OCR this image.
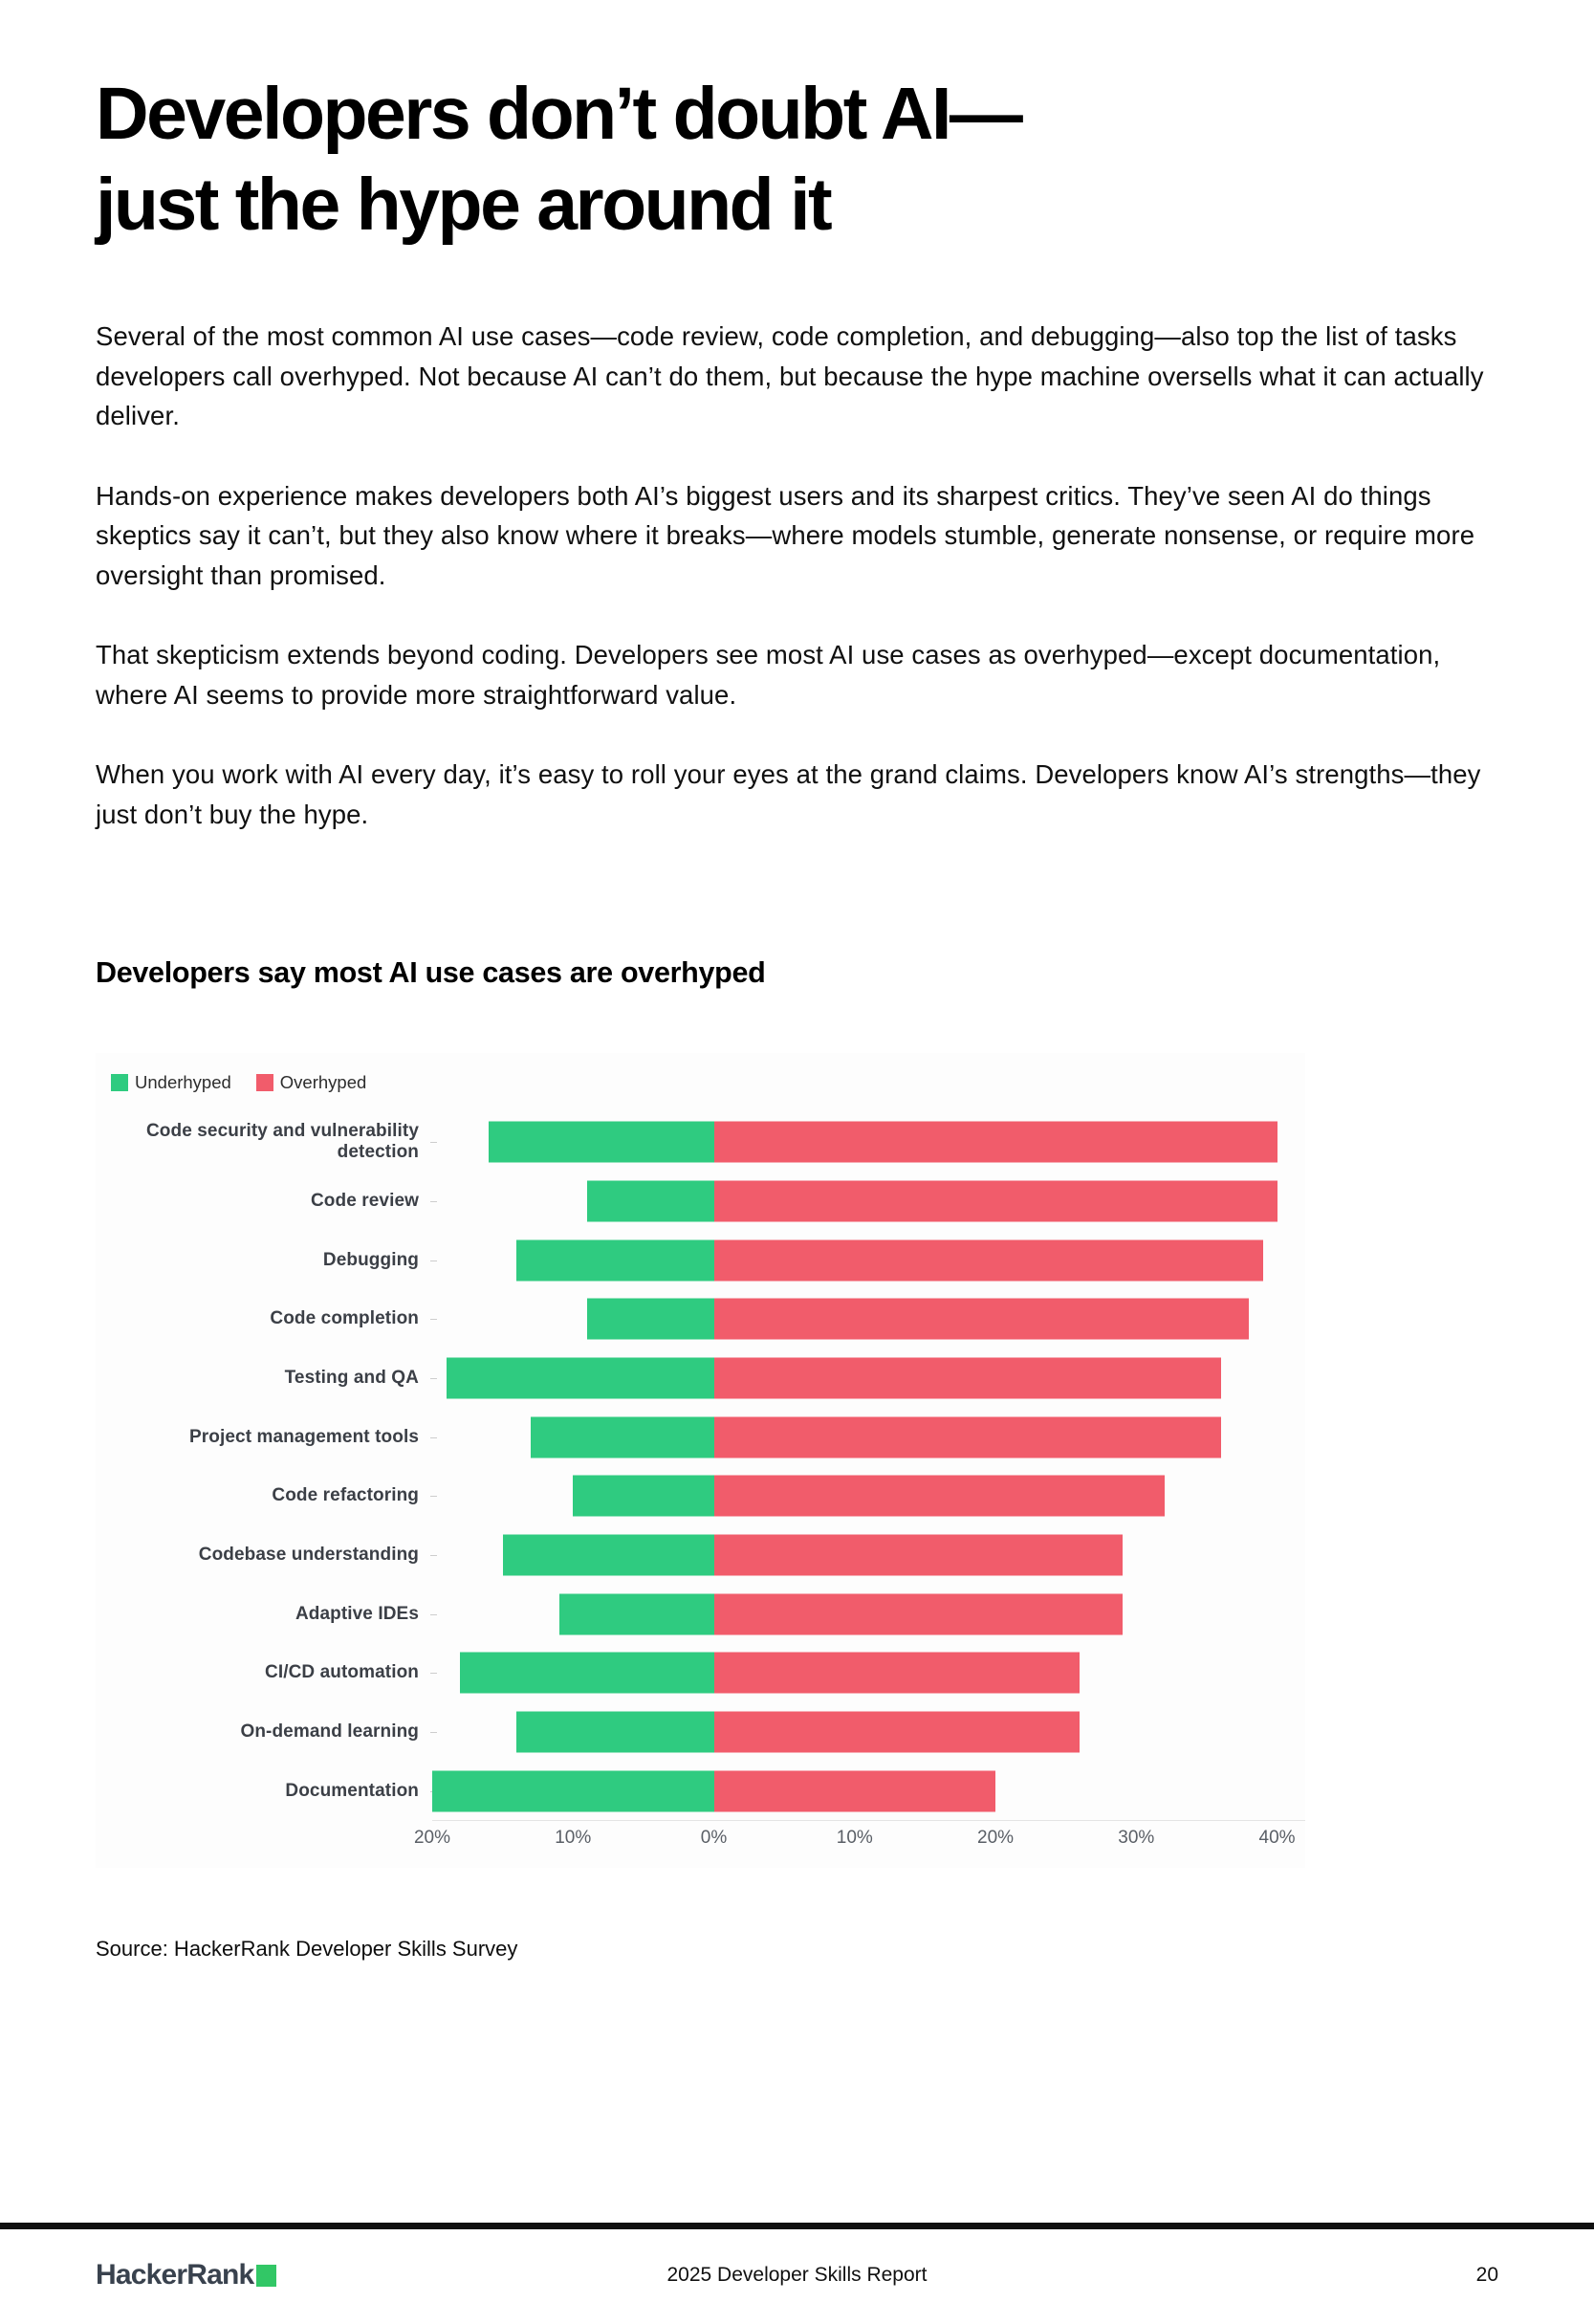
Developers don’t doubt AI—
just the hype around it

Several of the most common AI use cases—code review, code completion, and debugging—also top the list of tasks developers call overhyped. Not because AI can’t do them, but because the hype machine oversells what it can actually deliver.

Hands-on experience makes developers both AI’s biggest users and its sharpest critics. They’ve seen AI do things skeptics say it can’t, but they also know where it breaks—where models stumble, generate nonsense, or require more oversight than promised.

That skepticism extends beyond coding. Developers see most AI use cases as overhyped—except documentation, where AI seems to provide more straightforward value.

When you work with AI every day, it’s easy to roll your eyes at the grand claims. Developers know AI’s strengths—they just don’t buy the hype.

Developers say most AI use cases are overhyped
Underhyped	Overhyped
Code security and vulnerability detection
Code review
Debugging
Code completion
Testing and QA
Project management tools
Code refactoring
Codebase understanding
Adaptive IDEs
CI/CD automation
On-demand learning
Documentation
20%	10%	0%	10%	20%	30%	40%

Source: HackerRank Developer Skills Survey

HackerRank	2025 Developer Skills Report	20
